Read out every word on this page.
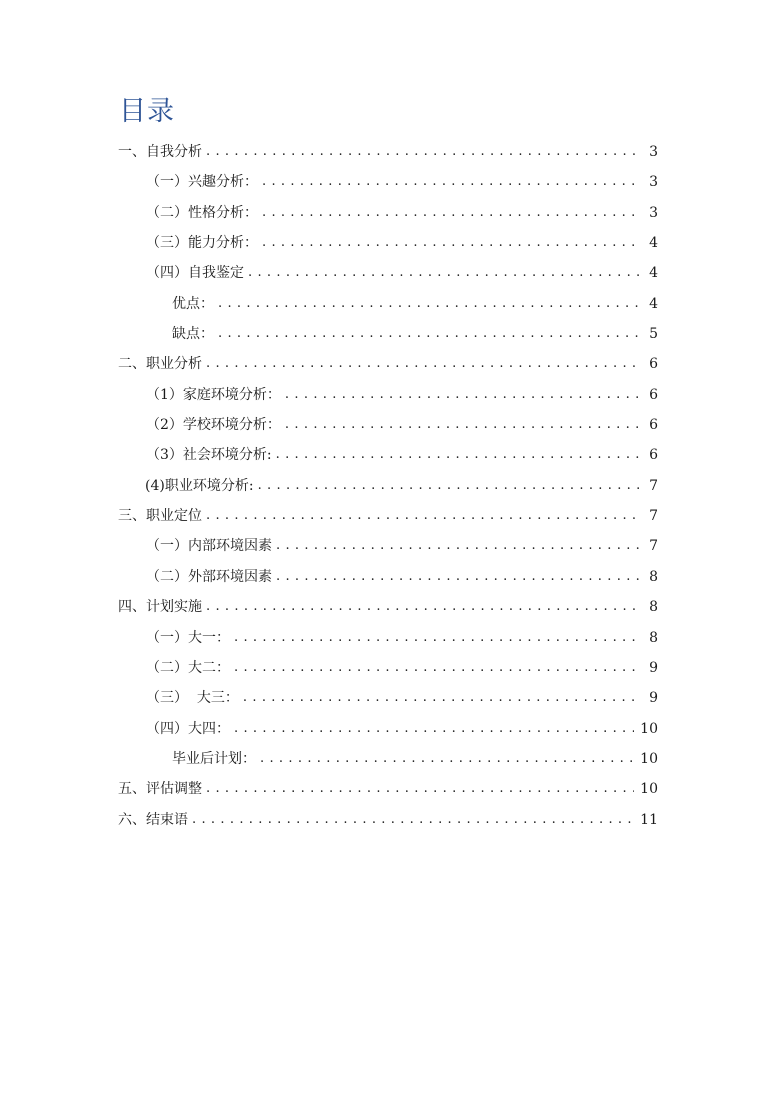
目录
一、自我分析 . . .	3
（一）兴趣分析： . . .	3
（二）性格分析： . . .	3
（三）能力分析： . . .	4
（四）自我鉴定 . . .	4
优点： . . .	4
缺点： . . .	5
二、职业分析 . . .	6
（1）家庭环境分析： . . .	6
（2）学校环境分析： . . .	6
（3）社会环境分析: . . .	6
(4)职业环境分析: . . .	7
三、职业定位 . . .	7
（一）内部环境因素 . . .	7
（二）外部环境因素 . . .	8
四、计划实施 . . .	8
（一）大一： . . .	8
（二）大二： . . .	9
（三）  大三： . . .	9
（四）大四： . . .	10
毕业后计划： . . .	10
五、评估调整 . . .	10
六、结束语 . . .	11
